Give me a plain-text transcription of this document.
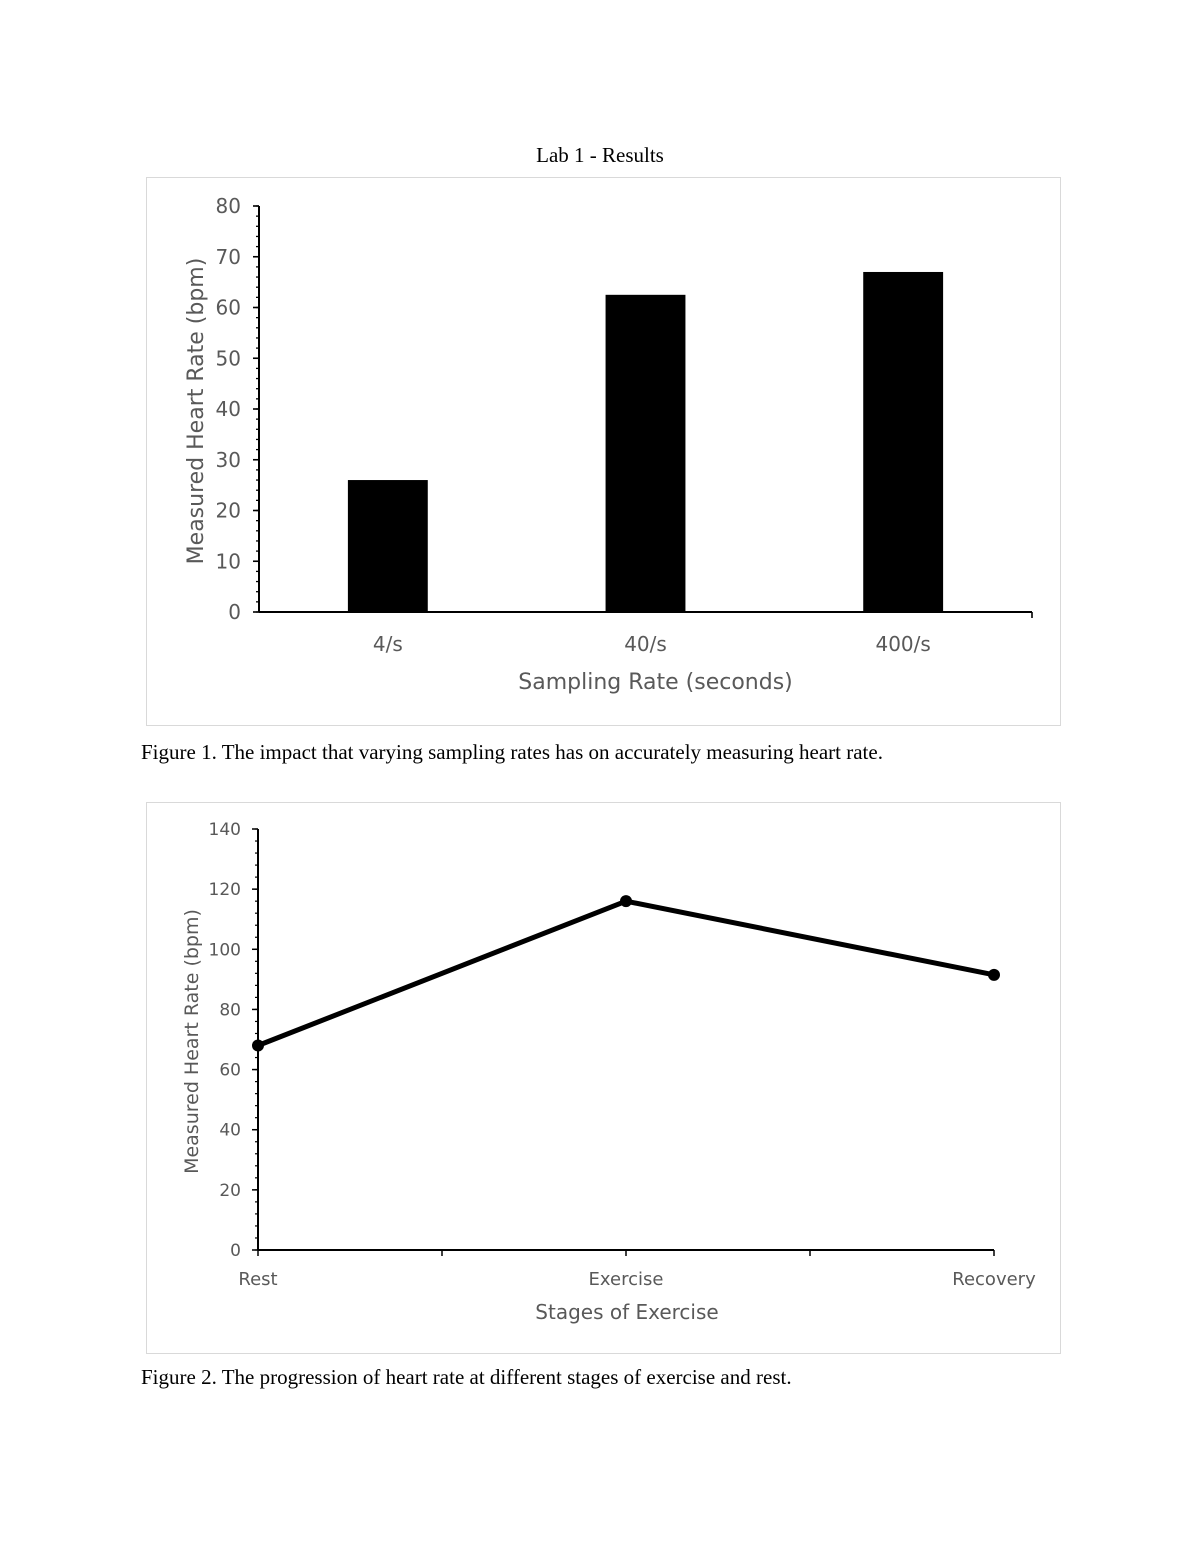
Lab 1 - Results
0
10
20
30
40
50
60
70
80
4/s	40/s	400/s
Sampling Rate (seconds)
Measured Heart Rate (bpm)
0
20
40
60
80
100
120
140
Rest	Exercise	Recovery
Stages of Exercise
Measured Heart Rate (bpm)
Figure 1. The impact that varying sampling rates has on accurately measuring heart rate.
Figure 2. The progression of heart rate at different stages of exercise and rest.
